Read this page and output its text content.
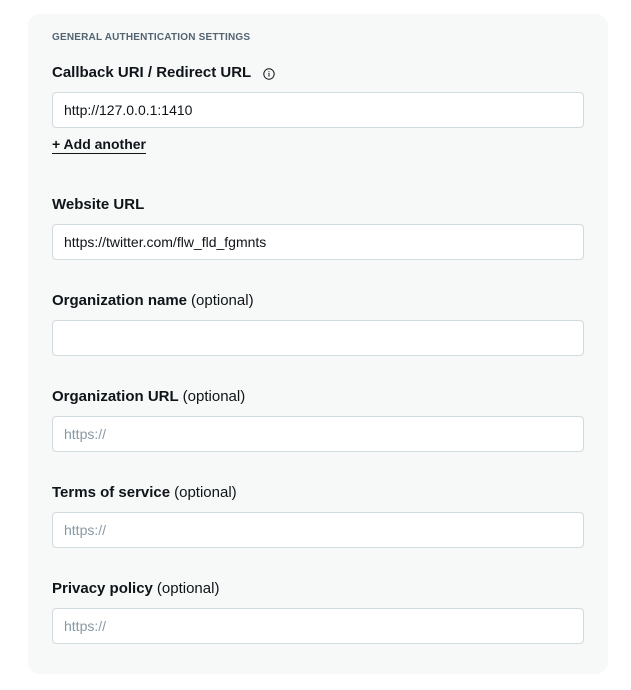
GENERAL AUTHENTICATION SETTINGS
Callback URI / Redirect URL
http://127.0.0.1:1410
+ Add another
Website URL
https://twitter.com/flw_fld_fgmnts
Organization name (optional)
Organization URL (optional)
https://
Terms of service (optional)
https://
Privacy policy (optional)
https://
